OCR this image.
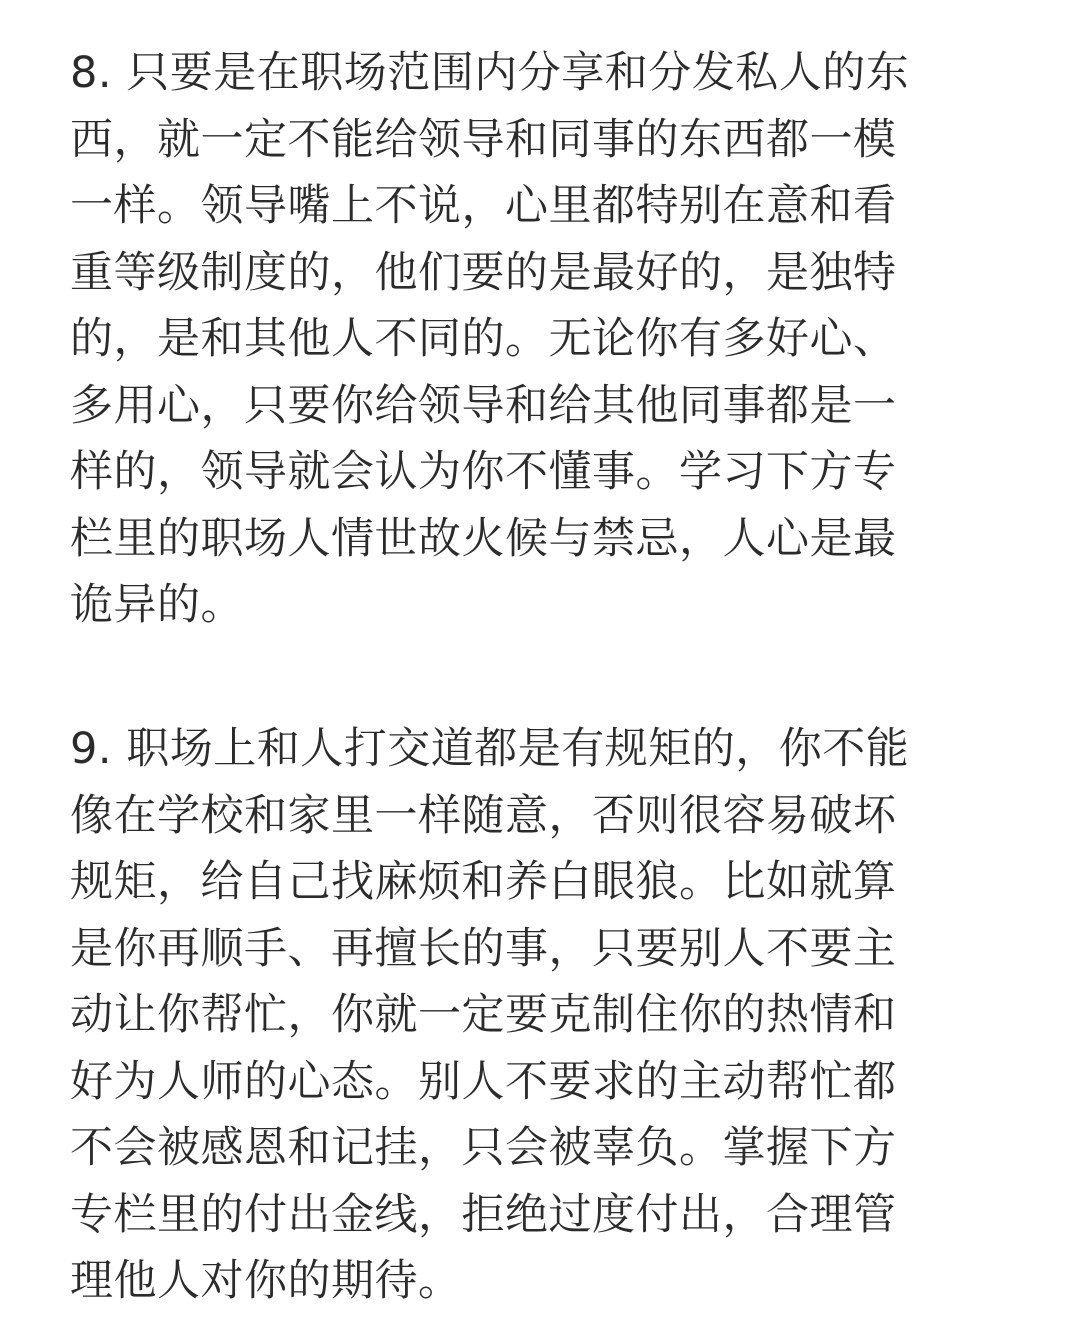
8. 只要是在职场范围内分享和分发私人的东
西，就一定不能给领导和同事的东西都一模
一样。领导嘴上不说，心里都特别在意和看
重等级制度的，他们要的是最好的，是独特
的，是和其他人不同的。无论你有多好心、
多用心，只要你给领导和给其他同事都是一
样的，领导就会认为你不懂事。学习下方专
栏里的职场人情世故火候与禁忌，人心是最
诡异的。

9. 职场上和人打交道都是有规矩的，你不能
像在学校和家里一样随意，否则很容易破坏
规矩，给自己找麻烦和养白眼狼。比如就算
是你再顺手、再擅长的事，只要别人不要主
动让你帮忙，你就一定要克制住你的热情和
好为人师的心态。别人不要求的主动帮忙都
不会被感恩和记挂，只会被辜负。掌握下方
专栏里的付出金线，拒绝过度付出，合理管
理他人对你的期待。
